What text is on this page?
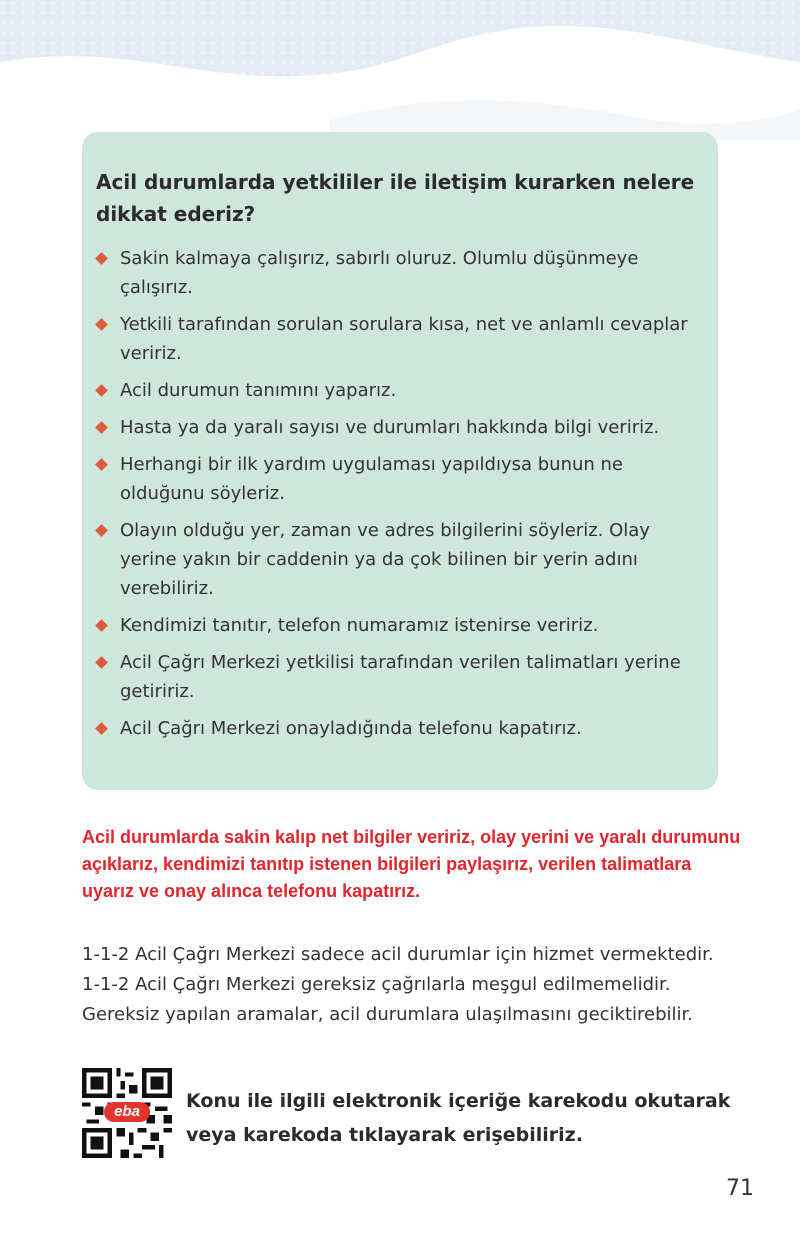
Acil durumlarda yetkililer ile iletişim kurarken nelere dikkat ederiz?

Sakin kalmaya çalışırız, sabırlı oluruz. Olumlu düşünmeye çalışırız.
Yetkili tarafından sorulan sorulara kısa, net ve anlamlı cevaplar veririz.
Acil durumun tanımını yaparız.
Hasta ya da yaralı sayısı ve durumları hakkında bilgi veririz.
Herhangi bir ilk yardım uygulaması yapıldıysa bunun ne olduğunu söyleriz.
Olayın olduğu yer, zaman ve adres bilgilerini söyleriz. Olay yerine yakın bir caddenin ya da çok bilinen bir yerin adını verebiliriz.
Kendimizi tanıtır, telefon numaramız istenirse veririz.
Acil Çağrı Merkezi yetkilisi tarafından verilen talimatları yerine getiririz.
Acil Çağrı Merkezi onayladığında telefonu kapatırız.

Acil durumlarda sakin kalıp net bilgiler veririz, olay yerini ve yaralı durumunu açıklarız, kendimizi tanıtıp istenen bilgileri paylaşırız, verilen talimatlara uyarız ve onay alınca telefonu kapatırız.

1-1-2 Acil Çağrı Merkezi sadece acil durumlar için hizmet vermektedir.

1-1-2 Acil Çağrı Merkezi gereksiz çağrılarla meşgul edilmemelidir.

Gereksiz yapılan aramalar, acil durumlara ulaşılmasını geciktirebilir.

eba	Konu ile ilgili elektronik içeriğe karekodu okutarak veya karekoda tıklayarak erişebiliriz.

71
